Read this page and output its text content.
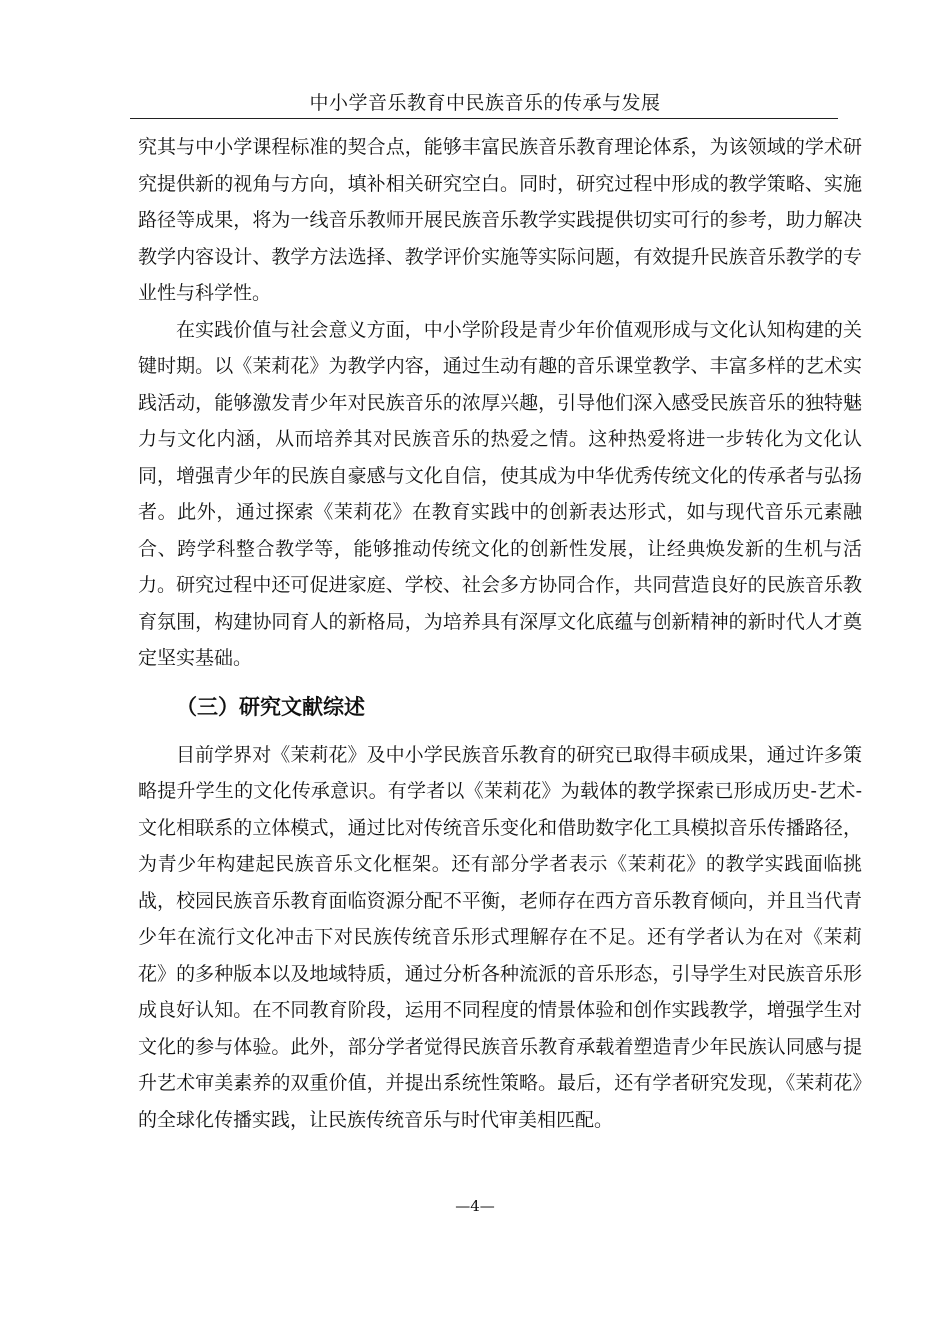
中小学音乐教育中民族音乐的传承与发展

究其与中小学课程标准的契合点，能够丰富民族音乐教育理论体系，为该领域的学术研究提供新的视角与方向，填补相关研究空白。同时，研究过程中形成的教学策略、实施路径等成果，将为一线音乐教师开展民族音乐教学实践提供切实可行的参考，助力解决教学内容设计、教学方法选择、教学评价实施等实际问题，有效提升民族音乐教学的专业性与科学性。

在实践价值与社会意义方面，中小学阶段是青少年价值观形成与文化认知构建的关键时期。以《茉莉花》为教学内容，通过生动有趣的音乐课堂教学、丰富多样的艺术实践活动，能够激发青少年对民族音乐的浓厚兴趣，引导他们深入感受民族音乐的独特魅力与文化内涵，从而培养其对民族音乐的热爱之情。这种热爱将进一步转化为文化认同，增强青少年的民族自豪感与文化自信，使其成为中华优秀传统文化的传承者与弘扬者。此外，通过探索《茉莉花》在教育实践中的创新表达形式，如与现代音乐元素融合、跨学科整合教学等，能够推动传统文化的创新性发展，让经典焕发新的生机与活力。研究过程中还可促进家庭、学校、社会多方协同合作，共同营造良好的民族音乐教育氛围，构建协同育人的新格局，为培养具有深厚文化底蕴与创新精神的新时代人才奠定坚实基础。

（三）研究文献综述

目前学界对《茉莉花》及中小学民族音乐教育的研究已取得丰硕成果，通过许多策略提升学生的文化传承意识。有学者以《茉莉花》为载体的教学探索已形成历史-艺术-文化相联系的立体模式，通过比对传统音乐变化和借助数字化工具模拟音乐传播路径，为青少年构建起民族音乐文化框架。还有部分学者表示《茉莉花》的教学实践面临挑战，校园民族音乐教育面临资源分配不平衡，老师存在西方音乐教育倾向，并且当代青少年在流行文化冲击下对民族传统音乐形式理解存在不足。还有学者认为在对《茉莉花》的多种版本以及地域特质，通过分析各种流派的音乐形态，引导学生对民族音乐形成良好认知。在不同教育阶段，运用不同程度的情景体验和创作实践教学，增强学生对文化的参与体验。此外，部分学者觉得民族音乐教育承载着塑造青少年民族认同感与提升艺术审美素养的双重价值，并提出系统性策略。最后，还有学者研究发现，《茉莉花》的全球化传播实践，让民族传统音乐与时代审美相匹配。

—4—
